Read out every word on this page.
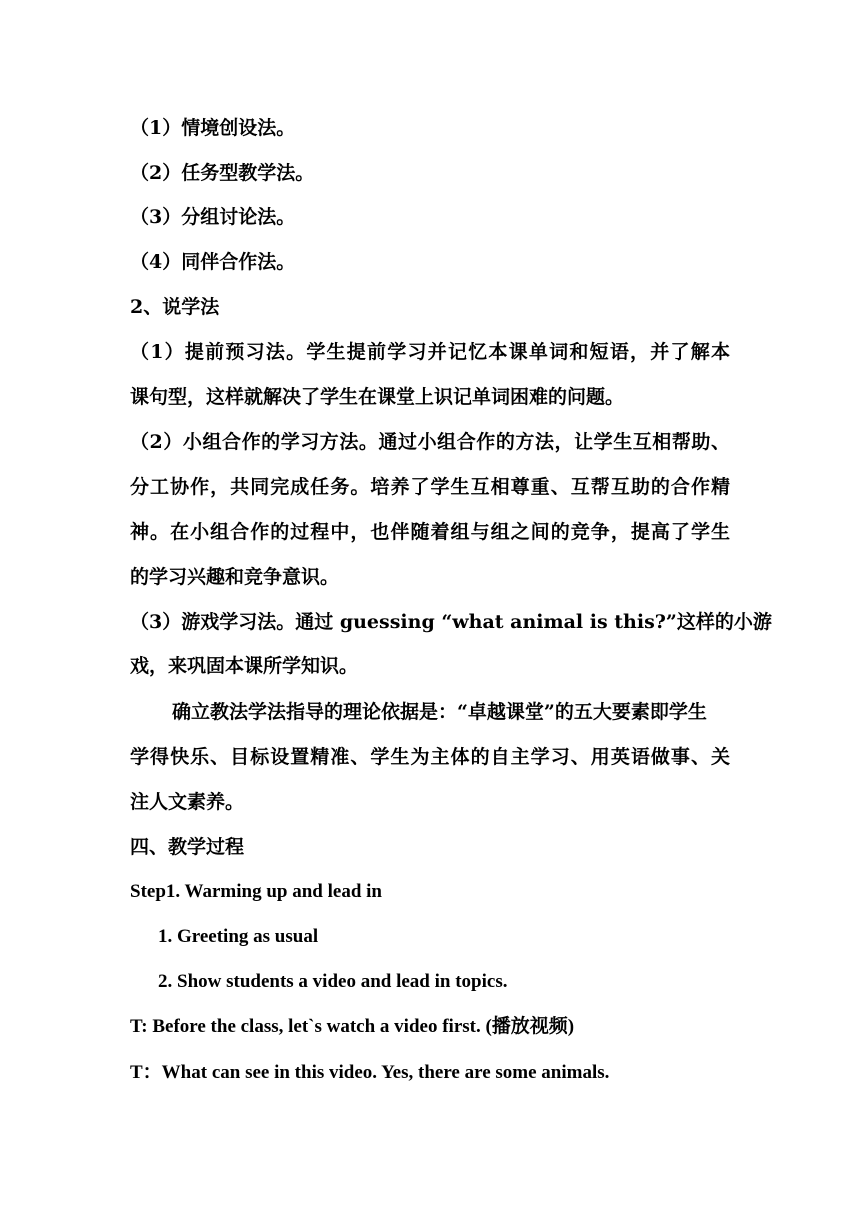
（1）情境创设法。
（2）任务型教学法。
（3）分组讨论法。
（4）同伴合作法。
2、说学法
（1）提前预习法。学生提前学习并记忆本课单词和短语，并了解本
课句型，这样就解决了学生在课堂上识记单词困难的问题。
（2）小组合作的学习方法。通过小组合作的方法，让学生互相帮助、
分工协作，共同完成任务。培养了学生互相尊重、互帮互助的合作精
神。在小组合作的过程中，也伴随着组与组之间的竞争，提高了学生
的学习兴趣和竞争意识。
（3）游戏学习法。通过 guessing “what animal is this?”这样的小游
戏，来巩固本课所学知识。
确立教法学法指导的理论依据是：“卓越课堂”的五大要素即学生
学得快乐、目标设置精准、学生为主体的自主学习、用英语做事、关
注人文素养。
四、教学过程
Step1. Warming up and lead in
1. Greeting as usual
2. Show students a video and lead in topics.
T: Before the class, let`s watch a video first. (播放视频)
T：What can see in this video. Yes, there are some animals.
